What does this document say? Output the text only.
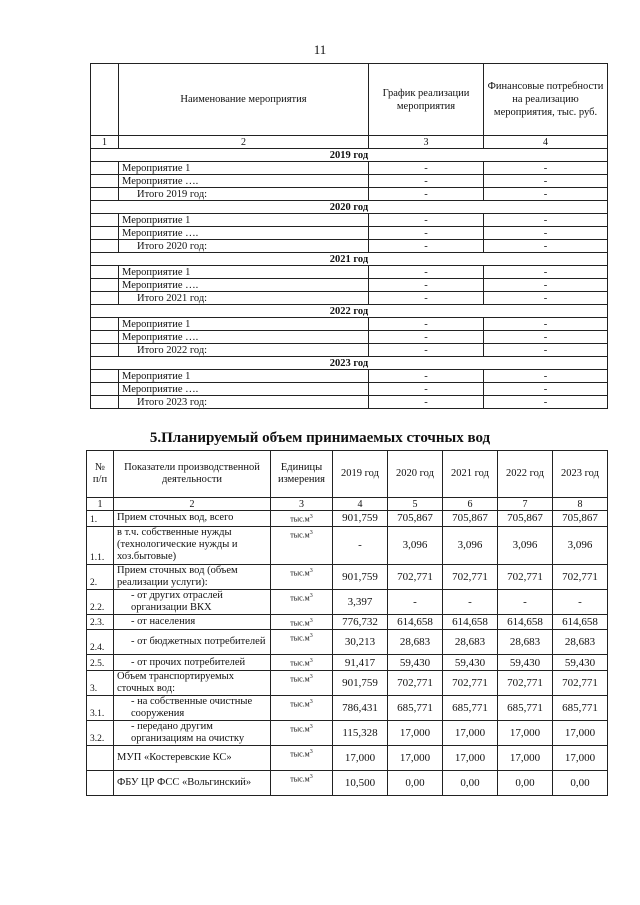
11
	Наименование мероприятия	График реализации мероприятия	Финансовые потребности на реализацию мероприятия, тыс. руб.
1	2	3	4
2019 год			
	Мероприятие 1	-	-
	Мероприятие ….	-	-
	Итого 2019 год:	-	-
2020 год			
	Мероприятие 1	-	-
	Мероприятие ….	-	-
	Итого 2020 год:	-	-
2021 год			
	Мероприятие 1	-	-
	Мероприятие ….	-	-
	Итого 2021 год:	-	-
2022 год			
	Мероприятие 1	-	-
	Мероприятие ….	-	-
	Итого 2022 год:	-	-
2023 год			
	Мероприятие 1	-	-
	Мероприятие ….	-	-
	Итого 2023 год:	-	-
5.Планируемый объем принимаемых сточных вод
№ п/п	Показатели производственной деятельности	Единицы измерения	2019 год	2020 год	2021 год	2022 год	2023 год
1	2	3	4	5	6	7	8
1.	Прием сточных вод, всего	$тыс.м^3$	901,759	705,867	705,867	705,867	705,867
1.1.	в т.ч. собственные нужды (технологические нужды и хоз.бытовые)	$тыс.м^3$	-	3,096	3,096	3,096	3,096
2.	Прием сточных вод (объем реализации услуги):	$тыс.м^3$	901,759	702,771	702,771	702,771	702,771
2.2.	- от других отраслей организации ВКХ	$тыс.м^3$	3,397	-	-	-	-
2.3.	- от населения	$тыс.м^3$	776,732	614,658	614,658	614,658	614,658
2.4.	- от бюджетных потребителей	$тыс.м^3$	30,213	28,683	28,683	28,683	28,683
2.5.	- от прочих потребителей	$тыс.м^3$	91,417	59,430	59,430	59,430	59,430
3.	Объем транспортируемых сточных вод:	$тыс.м^3$	901,759	702,771	702,771	702,771	702,771
3.1.	- на собственные очистные сооружения	$тыс.м^3$	786,431	685,771	685,771	685,771	685,771
3.2.	- передано другим организациям на очистку	$тыс.м^3$	115,328	17,000	17,000	17,000	17,000
	МУП «Костеревские КС»	$тыс.м^3$	17,000	17,000	17,000	17,000	17,000
	ФБУ ЦР ФСС «Вольгинский»	$тыс.м^3$	10,500	0,00	0,00	0,00	0,00
